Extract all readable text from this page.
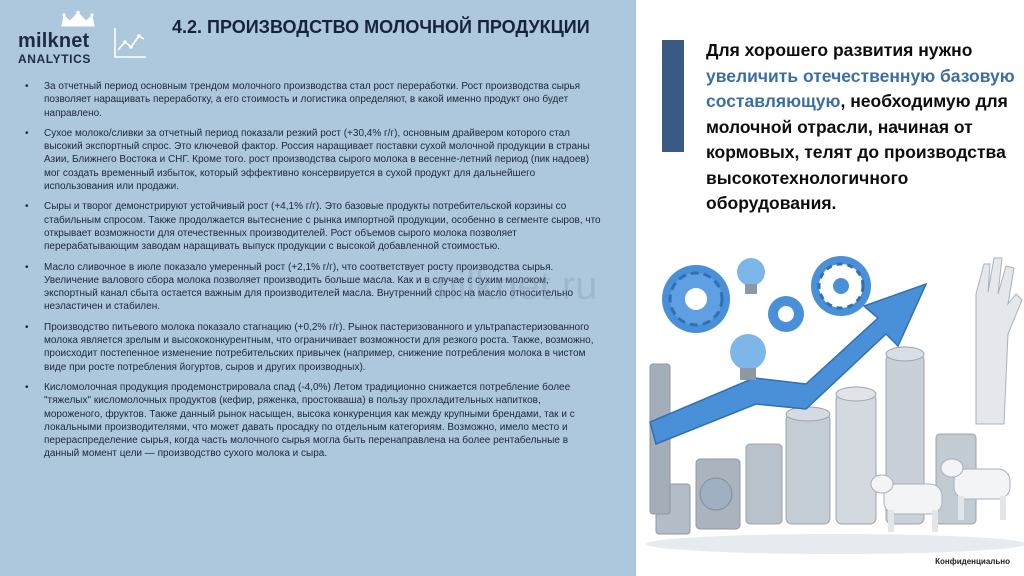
milknet
ANALYTICS
4.2. ПРОИЗВОДСТВО МОЛОЧНОЙ ПРОДУКЦИИ
• За отчетный период основным трендом молочного производства стал рост переработки. Рост производства сырья позволяет наращивать переработку, а его стоимость и логистика определяют, в какой именно продукт оно будет направлено.
• Сухое молоко/сливки за отчетный период показали резкий рост (+30,4% г/г), основным драйвером которого стал высокий экспортный спрос. Это ключевой фактор. Россия наращивает поставки сухой молочной продукции в страны Азии, Ближнего Востока и СНГ. Кроме того. рост производства сырого молока в весенне-летний период (пик надоев) мог создать временный избыток, который эффективно консервируется в сухой продукт для дальнейшего использования или продажи.
• Сыры и творог демонстрируют устойчивый рост (+4,1% г/г). Это базовые продукты потребительской корзины со стабильным спросом. Также продолжается вытеснение с рынка импортной продукции, особенно в сегменте сыров, что открывает возможности для отечественных производителей. Рост объемов сырого молока позволяет перерабатывающим заводам наращивать выпуск продукции с высокой добавленной стоимостью.
• Масло сливочное в июле показало умеренный рост (+2,1% г/г), что соответствует росту производства сырья. Увеличение валового сбора молока позволяет производить больше масла. Как и в случае с сухим молоком, экспортный канал сбыта остается важным для производителей масла. Внутренний спрос на масло относительно неэластичен и стабилен.
• Производство питьевого молока показало стагнацию (+0,2% г/г). Рынок пастеризованного и ультрапастеризованного молока является зрелым и высококонкурентным, что ограничивает возможности для резкого роста. Также, возможно, происходит постепенное изменение потребительских привычек (например, снижение потребления молока в чистом виде при росте потребления йогуртов, сыров и других производных).
• Кисломолочная продукция продемонстрировала спад (-4,0%) Летом традиционно снижается потребление более "тяжелых" кисломолочных продуктов (кефир, ряженка, простокваша) в пользу прохладительных напитков, мороженого, фруктов. Также данный рынок насыщен, высока конкуренция как между крупными брендами, так и с локальными производителями, что может давать просадку по отдельным категориям. Возможно, имело место и перераспределение сырья, когда часть молочного сырья могла быть перенаправлена на более рентабельные в данный момент цели — производство сухого молока и сыра.
Для хорошего развития нужно увеличить отечественную базовую составляющую, необходимую для молочной отрасли, начиная от кормовых, телят до производства высокотехнологичного оборудования.
milknet.ru
Конфиденциально
